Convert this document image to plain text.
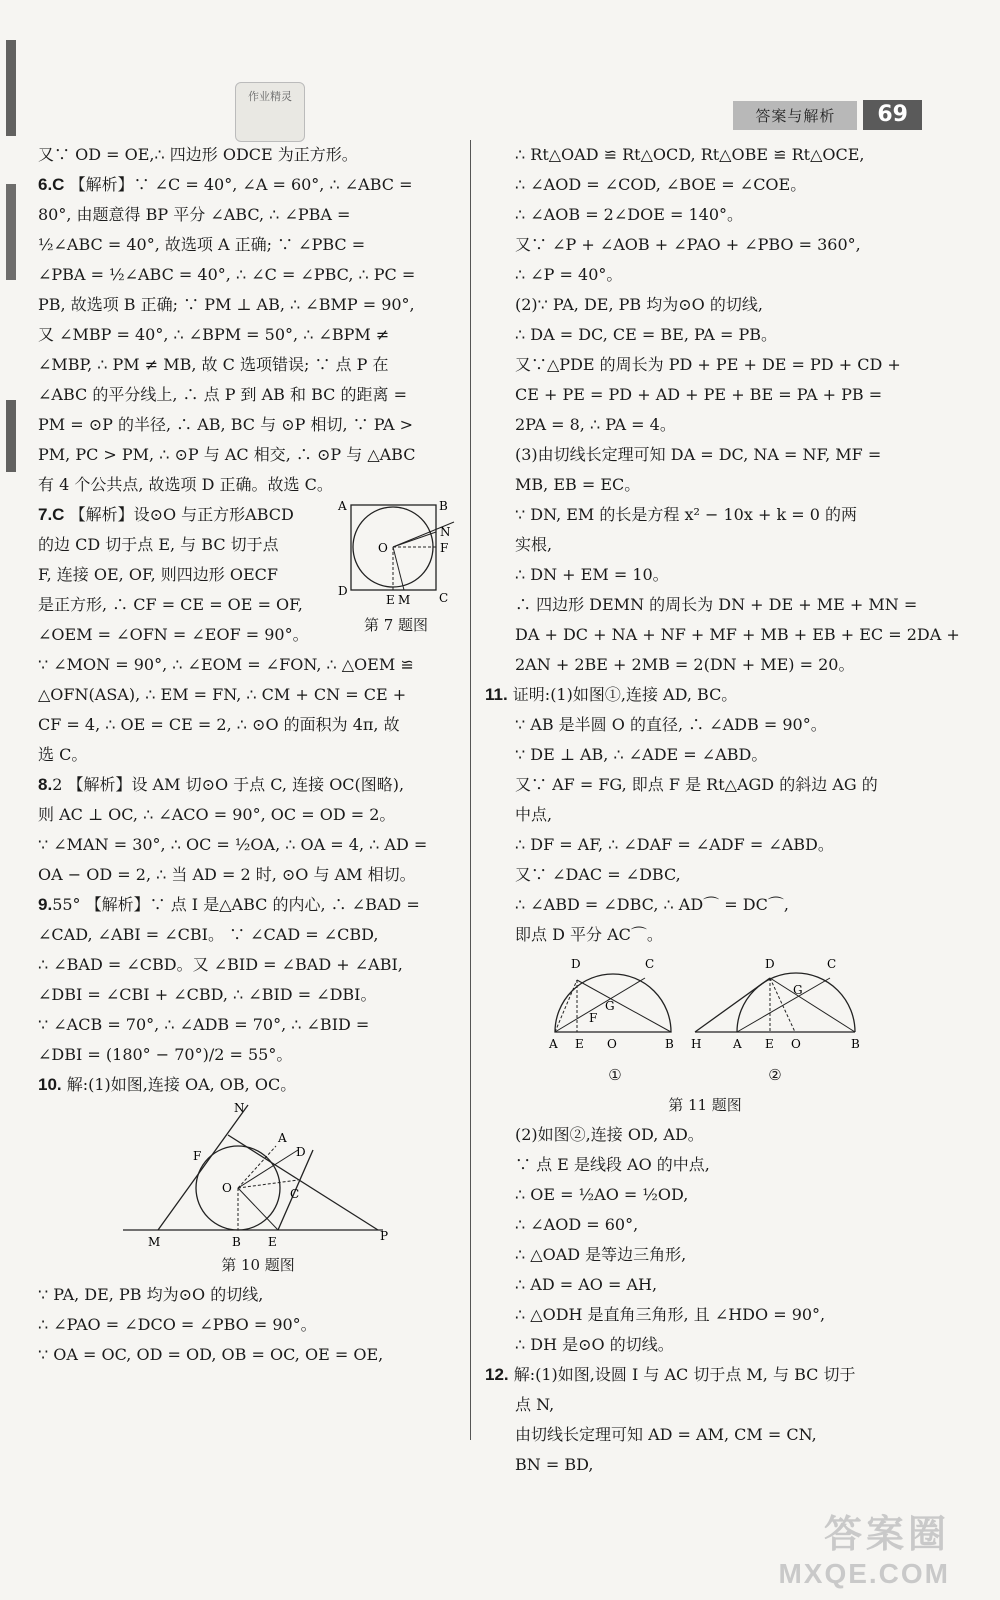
作业精灵
答案与解析	69
又∵ OD = OE,∴ 四边形 ODCE 为正方形。
6.C 【解析】∵ ∠C = 40°, ∠A = 60°, ∴ ∠ABC =
80°, 由题意得 BP 平分 ∠ABC, ∴ ∠PBA =
½∠ABC = 40°, 故选项 A 正确; ∵ ∠PBC =
∠PBA = ½∠ABC = 40°, ∴ ∠C = ∠PBC, ∴ PC =
PB, 故选项 B 正确; ∵ PM ⊥ AB, ∴ ∠BMP = 90°,
又 ∠MBP = 40°, ∴ ∠BPM = 50°, ∴ ∠BPM ≠
∠MBP, ∴ PM ≠ MB, 故 C 选项错误; ∵ 点 P 在
∠ABC 的平分线上, ∴ 点 P 到 AB 和 BC 的距离 =
PM = ⊙P 的半径, ∴ AB, BC 与 ⊙P 相切, ∵ PA >
PM, PC > PM, ∴ ⊙P 与 AC 相交, ∴ ⊙P 与 △ABC
有 4 个公共点, 故选项 D 正确。故选 C。
7.C 【解析】设⊙O 与正方形ABCD
的边 CD 切于点 E, 与 BC 切于点
F, 连接 OE, OF, 则四边形 OECF
是正方形, ∴ CF = CE = OE = OF,
∠OEM = ∠OFN = ∠EOF = 90°。
A	B
C
D
O
E M
N
F
第 7 题图
∵ ∠MON = 90°, ∴ ∠EOM = ∠FON, ∴ △OEM ≌
△OFN(ASA), ∴ EM = FN, ∴ CM + CN = CE +
CF = 4, ∴ OE = CE = 2, ∴ ⊙O 的面积为 4π, 故
选 C。
8.2 【解析】设 AM 切⊙O 于点 C, 连接 OC(图略),
则 AC ⊥ OC, ∴ ∠ACO = 90°, OC = OD = 2。
∵ ∠MAN = 30°, ∴ OC = ½OA, ∴ OA = 4, ∴ AD =
OA − OD = 2, ∴ 当 AD = 2 时, ⊙O 与 AM 相切。
9.55° 【解析】∵ 点 I 是△ABC 的内心, ∴ ∠BAD =
∠CAD, ∠ABI = ∠CBI。 ∵ ∠CAD = ∠CBD,
∴ ∠BAD = ∠CBD。又 ∠BID = ∠BAD + ∠ABI,
∠DBI = ∠CBI + ∠CBD, ∴ ∠BID = ∠DBI。
∵ ∠ACB = 70°, ∴ ∠ADB = 70°, ∴ ∠BID =
∠DBI = (180° − 70°)/2 = 55°。
10. 解:(1)如图,连接 OA, OB, OC。
N
F
A
D
O	C
M	B E	P
第 10 题图
∵ PA, DE, PB 均为⊙O 的切线,
∴ ∠PAO = ∠DCO = ∠PBO = 90°。
∵ OA = OC, OD = OD, OB = OC, OE = OE,
∴ Rt△OAD ≌ Rt△OCD, Rt△OBE ≌ Rt△OCE,
∴ ∠AOD = ∠COD, ∠BOE = ∠COE。
∴ ∠AOB = 2∠DOE = 140°。
又∵ ∠P + ∠AOB + ∠PAO + ∠PBO = 360°,
∴ ∠P = 40°。
(2)∵ PA, DE, PB 均为⊙O 的切线,
∴ DA = DC, CE = BE, PA = PB。
又∵△PDE 的周长为 PD + PE + DE = PD + CD +
CE + PE = PD + AD + PE + BE = PA + PB =
2PA = 8, ∴ PA = 4。
(3)由切线长定理可知 DA = DC, NA = NF, MF =
MB, EB = EC。
∵ DN, EM 的长是方程 x² − 10x + k = 0 的两
实根,
∴ DN + EM = 10。
∴ 四边形 DEMN 的周长为 DN + DE + ME + MN =
DA + DC + NA + NF + MF + MB + EB + EC = 2DA +
2AN + 2BE + 2MB = 2(DN + ME) = 20。
11. 证明:(1)如图①,连接 AD, BC。
∵ AB 是半圆 O 的直径, ∴ ∠ADB = 90°。
∵ DE ⊥ AB, ∴ ∠ADE = ∠ABD。
又∵ AF = FG, 即点 F 是 Rt△AGD 的斜边 AG 的
中点,
∴ DF = AF, ∴ ∠DAF = ∠ADF = ∠ABD。
又∵ ∠DAC = ∠DBC,
∴ ∠ABD = ∠DBC, ∴ AD⌒ = DC⌒,
即点 D 平分 AC⌒。
D	C
G
F
A E O	B
D	C
G
H	A E O	B
①	②
第 11 题图
(2)如图②,连接 OD, AD。
∵ 点 E 是线段 AO 的中点,
∴ OE = ½AO = ½OD,
∴ ∠AOD = 60°,
∴ △OAD 是等边三角形,
∴ AD = AO = AH,
∴ △ODH 是直角三角形, 且 ∠HDO = 90°,
∴ DH 是⊙O 的切线。
12. 解:(1)如图,设圆 I 与 AC 切于点 M, 与 BC 切于
点 N,
由切线长定理可知 AD = AM, CM = CN,
BN = BD,
答案圈
MXQE.COM
